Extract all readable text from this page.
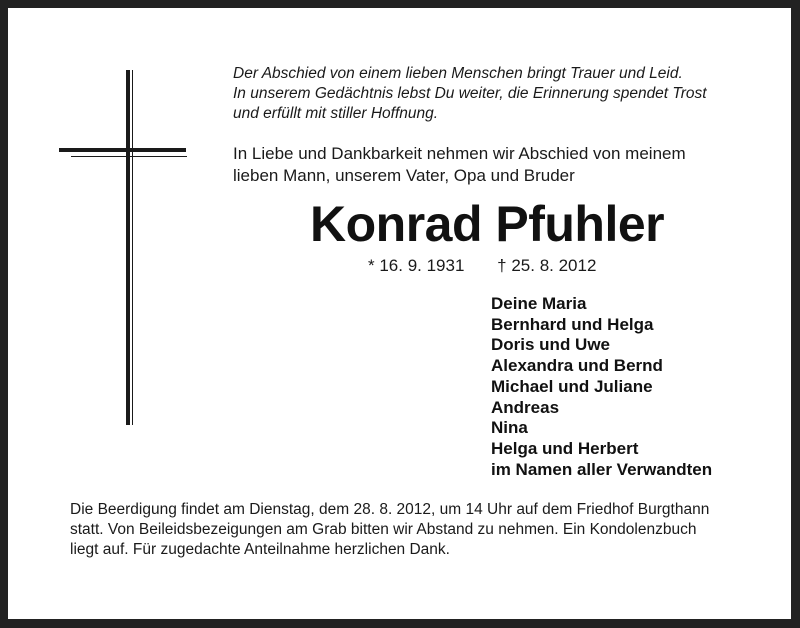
Der Abschied von einem lieben Menschen bringt Trauer und Leid.
In unserem Gedächtnis lebst Du weiter, die Erinnerung spendet Trost
und erfüllt mit stiller Hoffnung.
In Liebe und Dankbarkeit nehmen wir Abschied von meinem
lieben Mann, unserem Vater, Opa und Bruder
Konrad Pfuhler
* 16. 9. 1931 † 25. 8. 2012
Deine Maria
Bernhard und Helga
Doris und Uwe
Alexandra und Bernd
Michael und Juliane
Andreas
Nina
Helga und Herbert
im Namen aller Verwandten
Die Beerdigung findet am Dienstag, dem 28. 8. 2012, um 14 Uhr auf dem Friedhof Burgthann
statt. Von Beileidsbezeigungen am Grab bitten wir Abstand zu nehmen. Ein Kondolenzbuch
liegt auf. Für zugedachte Anteilnahme herzlichen Dank.
